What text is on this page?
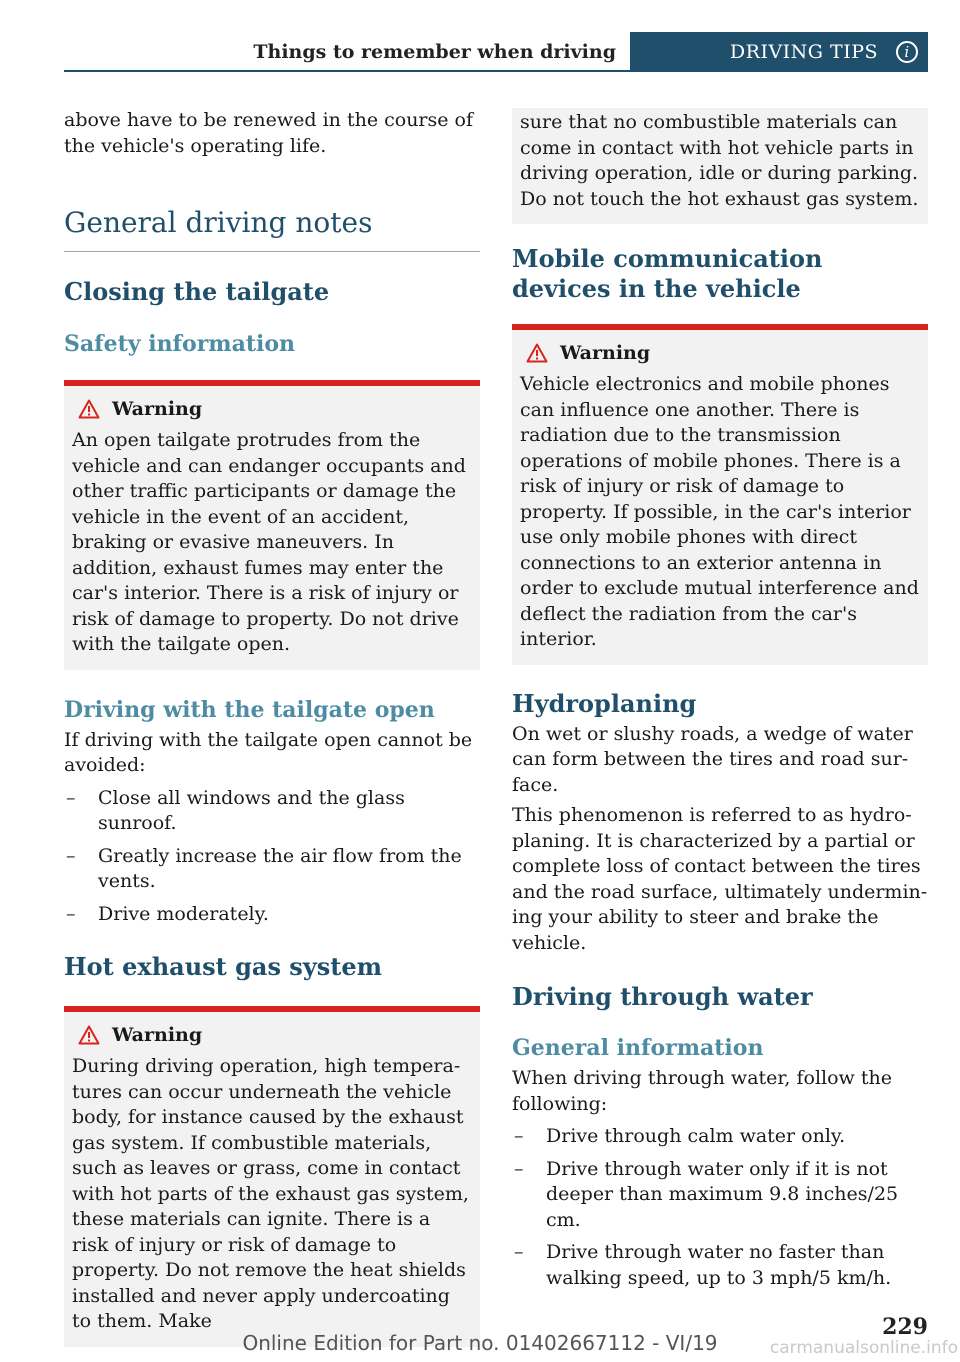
Things to remember when driving	DRIVING TIPS	i

above have to be renewed in the course of the vehicle's operating life.

General driving notes
Closing the tailgate
Safety information
Warning

An open tailgate protrudes from the vehicle and can endanger occupants and other traffic participants or damage the vehicle in the event of an accident, braking or evasive maneuvers. In addition, exhaust fumes may enter the car's interior. There is a risk of injury or risk of damage to property. Do not drive with the tailgate open.

Driving with the tailgate open

If driving with the tailgate open cannot be avoided:

– Close all windows and the glass sunroof.
– Greatly increase the air flow from the vents.
– Drive moderately.
Hot exhaust gas system
Warning

During driving operation, high temperatures can occur underneath the vehicle body, for instance caused by the exhaust gas system. If combustible materials, such as leaves or grass, come in contact with hot parts of the exhaust gas system, these materials can ignite. There is a risk of injury or risk of damage to property. Do not remove the heat shields installed and never apply undercoating to them. Make

sure that no combustible materials can come in contact with hot vehicle parts in driving operation, idle or during parking. Do not touch the hot exhaust gas system.

Mobile communication devices in the vehicle
Warning

Vehicle electronics and mobile phones can influence one another. There is radiation due to the transmission operations of mobile phones. There is a risk of injury or risk of damage to property. If possible, in the car's interior use only mobile phones with direct connections to an exterior antenna in order to exclude mutual interference and deflect the radiation from the car's interior.

Hydroplaning

On wet or slushy roads, a wedge of water can form between the tires and road surface.

This phenomenon is referred to as hydroplaning. It is characterized by a partial or complete loss of contact between the tires and the road surface, ultimately undermining your ability to steer and brake the vehicle.

Driving through water
General information

When driving through water, follow the following:

– Drive through calm water only.
– Drive through water only if it is not deeper than maximum 9.8 inches/25 cm.
– Drive through water no faster than walking speed, up to 3 mph/5 km/h.
229
Online Edition for Part no. 01402667112 - VI/19	carmanualsonline.info
